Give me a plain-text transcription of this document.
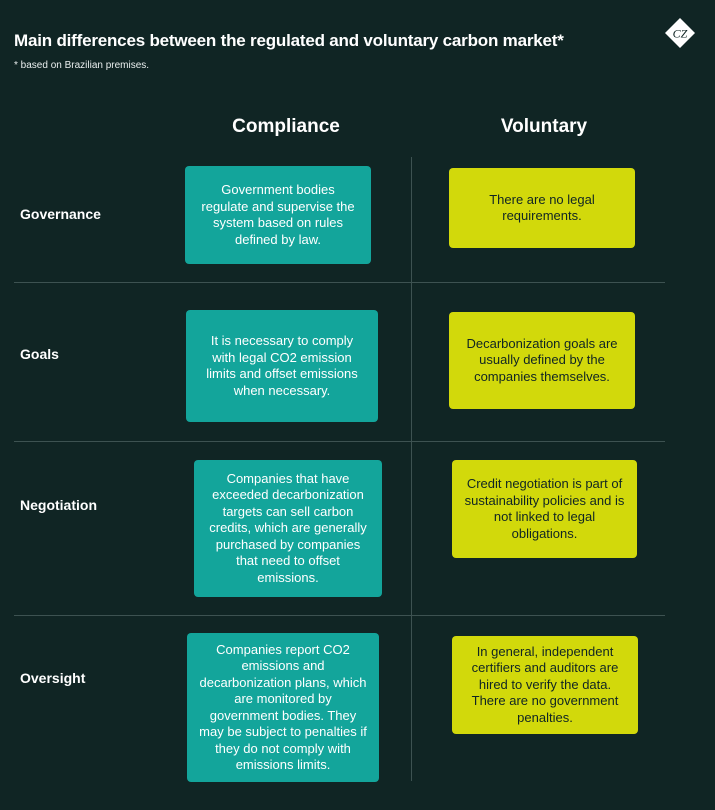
Main differences between the regulated and voluntary carbon market*
* based on Brazilian premises.
CZ
Compliance	Voluntary
Governance
Government bodies regulate and supervise the system based on rules defined by law.
There are no legal requirements.
Goals
It is necessary to comply with legal CO2 emission limits and offset emissions when necessary.
Decarbonization goals are usually defined by the companies themselves.
Negotiation
Companies that have exceeded decarbonization targets can sell carbon credits, which are generally purchased by companies that need to offset emissions.
Credit negotiation is part of sustainability policies and is not linked to legal obligations.
Oversight
Companies report CO2 emissions and decarbonization plans, which are monitored by government bodies. They may be subject to penalties if they do not comply with emissions limits.
In general, independent certifiers and auditors are hired to verify the data. There are no government penalties.
